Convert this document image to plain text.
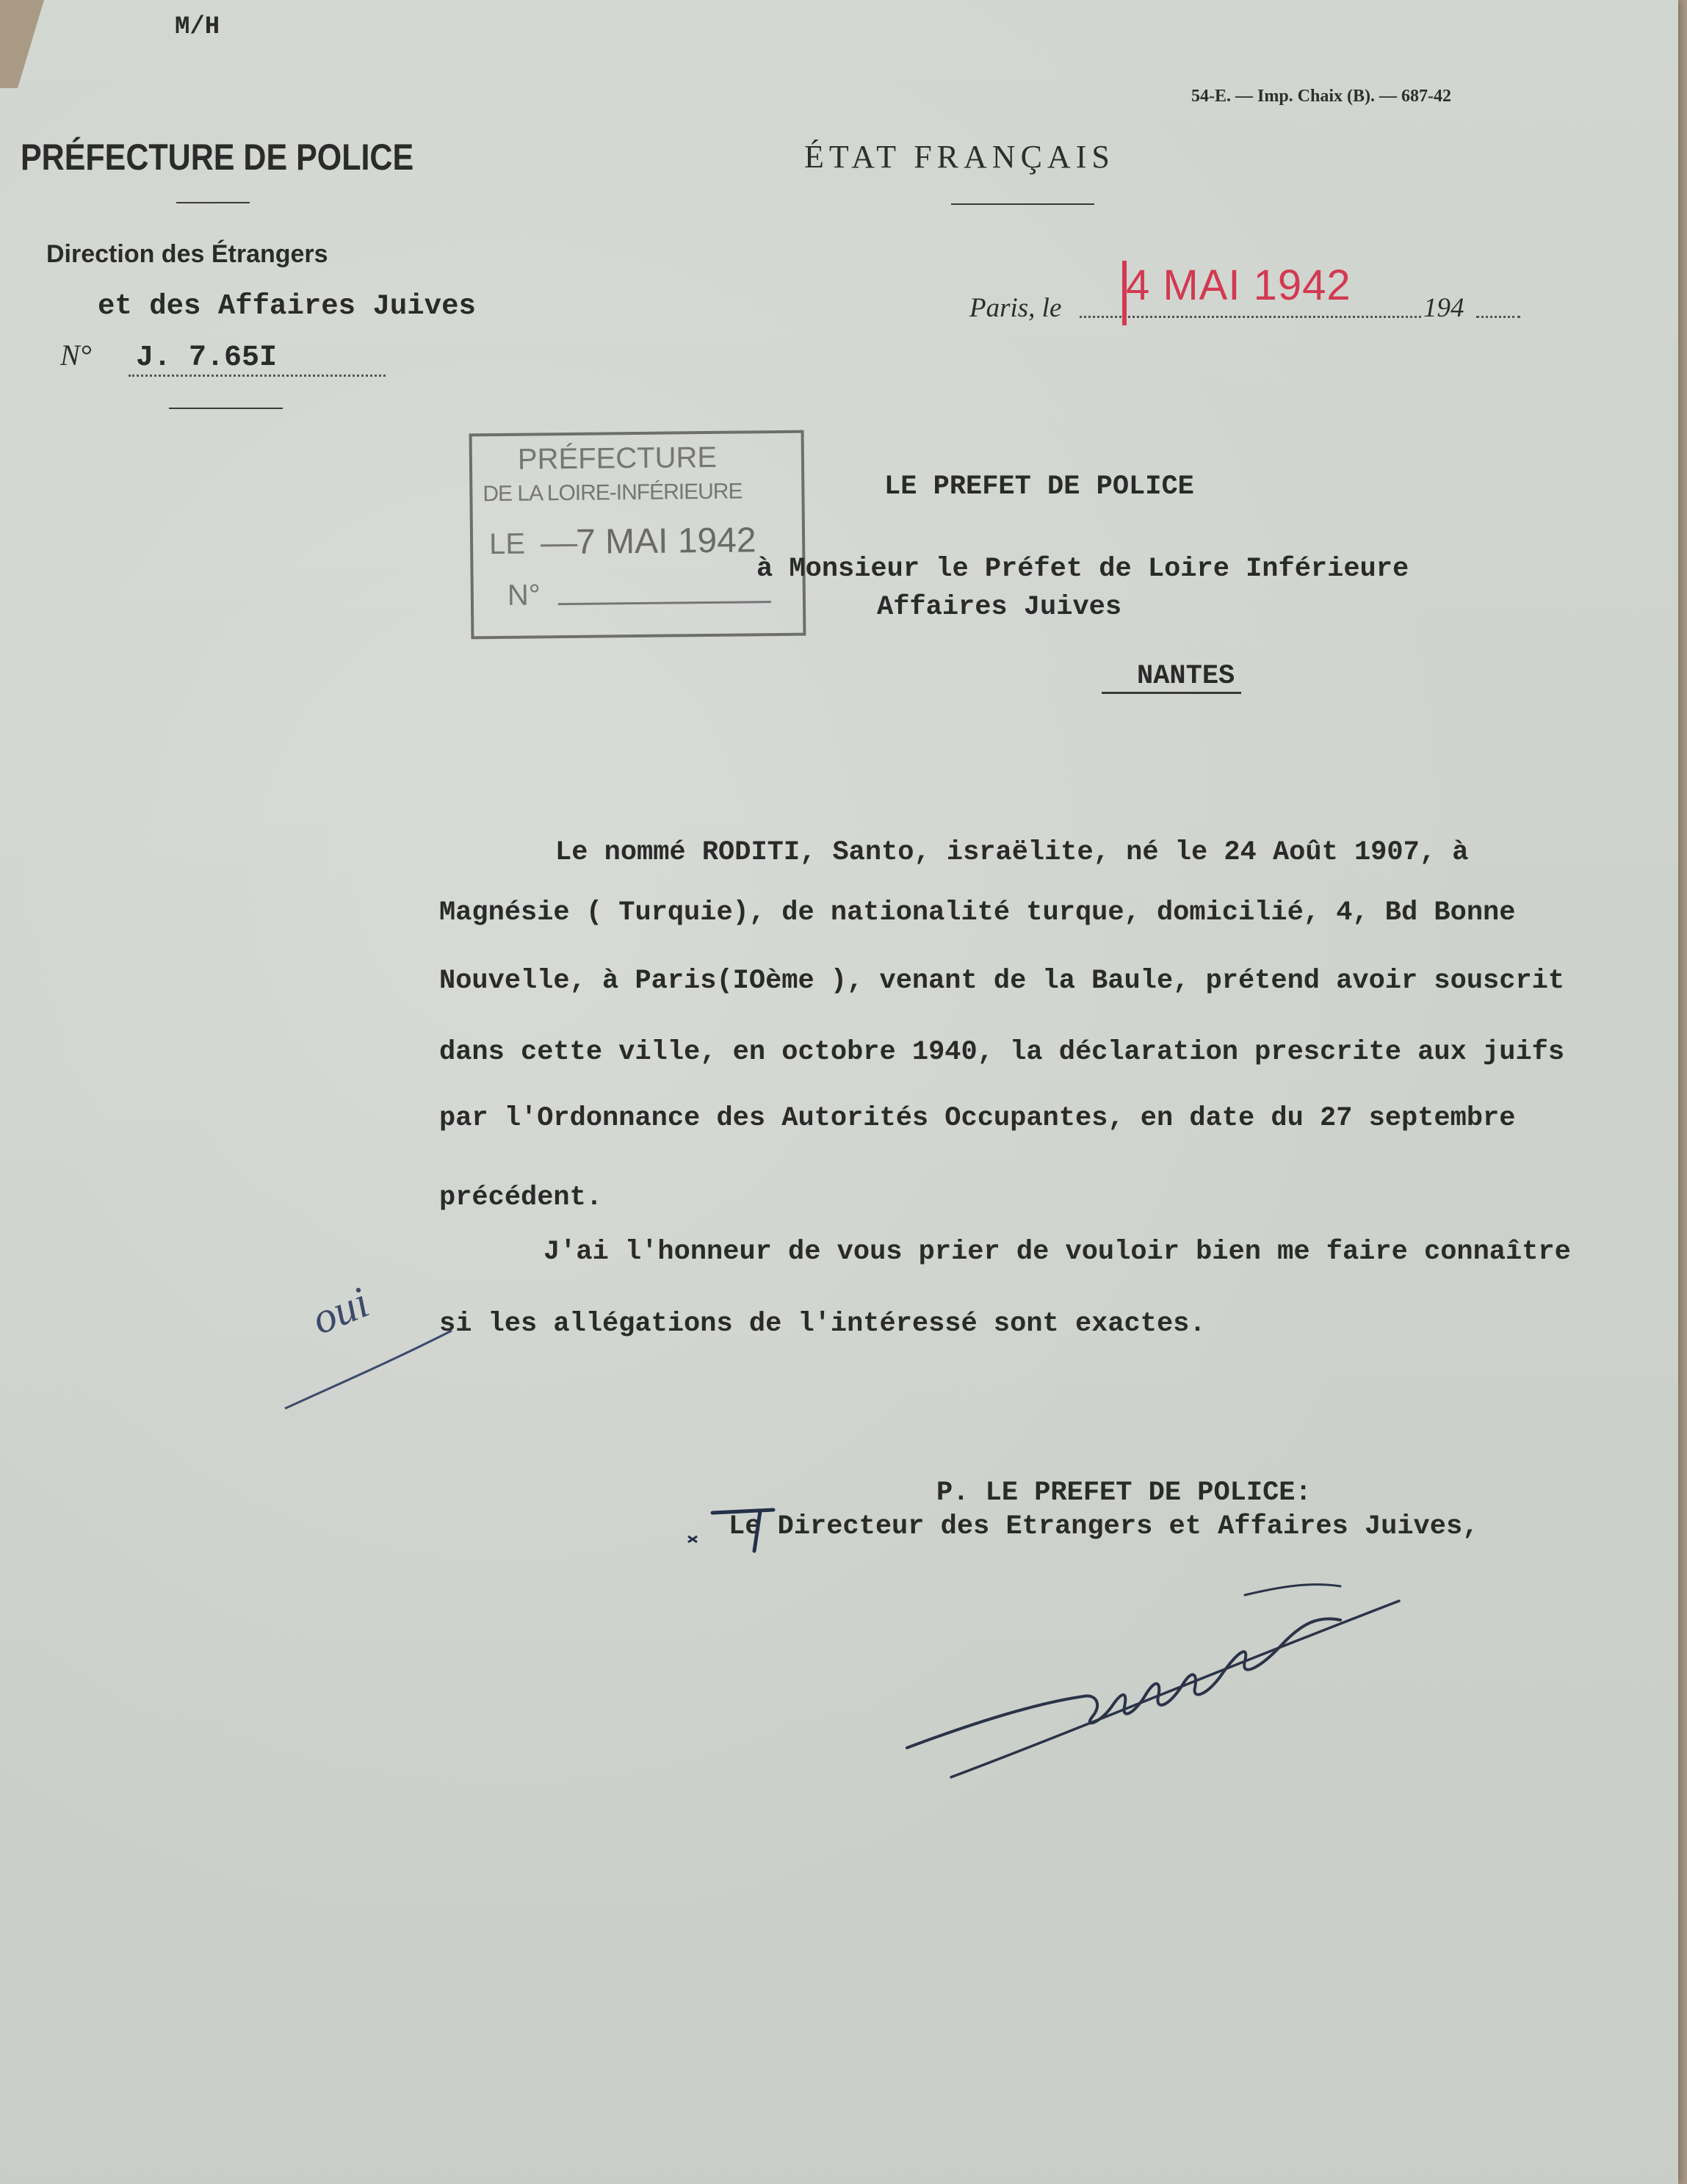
M/H
54-E. — Imp. Chaix (B). — 687-42
PRÉFECTURE DE POLICE
Direction des Étrangers
et des Affaires Juives
N° J. 7.65I
ÉTAT FRANÇAIS
Paris, le 4 MAI 1942	194
PRÉFECTURE
DE LA LOIRE-INFÉRIEURE
LE 7 MAI 1942
N°
LE PREFET DE POLICE
à Monsieur le Préfet de Loire Inférieure
Affaires Juives
NANTES
Le nommé RODITI, Santo, israëlite, né le 24 Août 1907, à
Magnésie ( Turquie), de nationalité turque, domicilié, 4, Bd Bonne
Nouvelle, à Paris(IOème ), venant de la Baule, prétend avoir souscrit
dans cette ville, en octobre 1940, la déclaration prescrite aux juifs
par l'Ordonnance des Autorités Occupantes, en date du 27 septembre
précédent.
J'ai l'honneur de vous prier de vouloir bien me faire connaître
si les allégations de l'intéressé sont exactes.
oui
P. LE PREFET DE POLICE:
Le Directeur des Etrangers et Affaires Juives,
